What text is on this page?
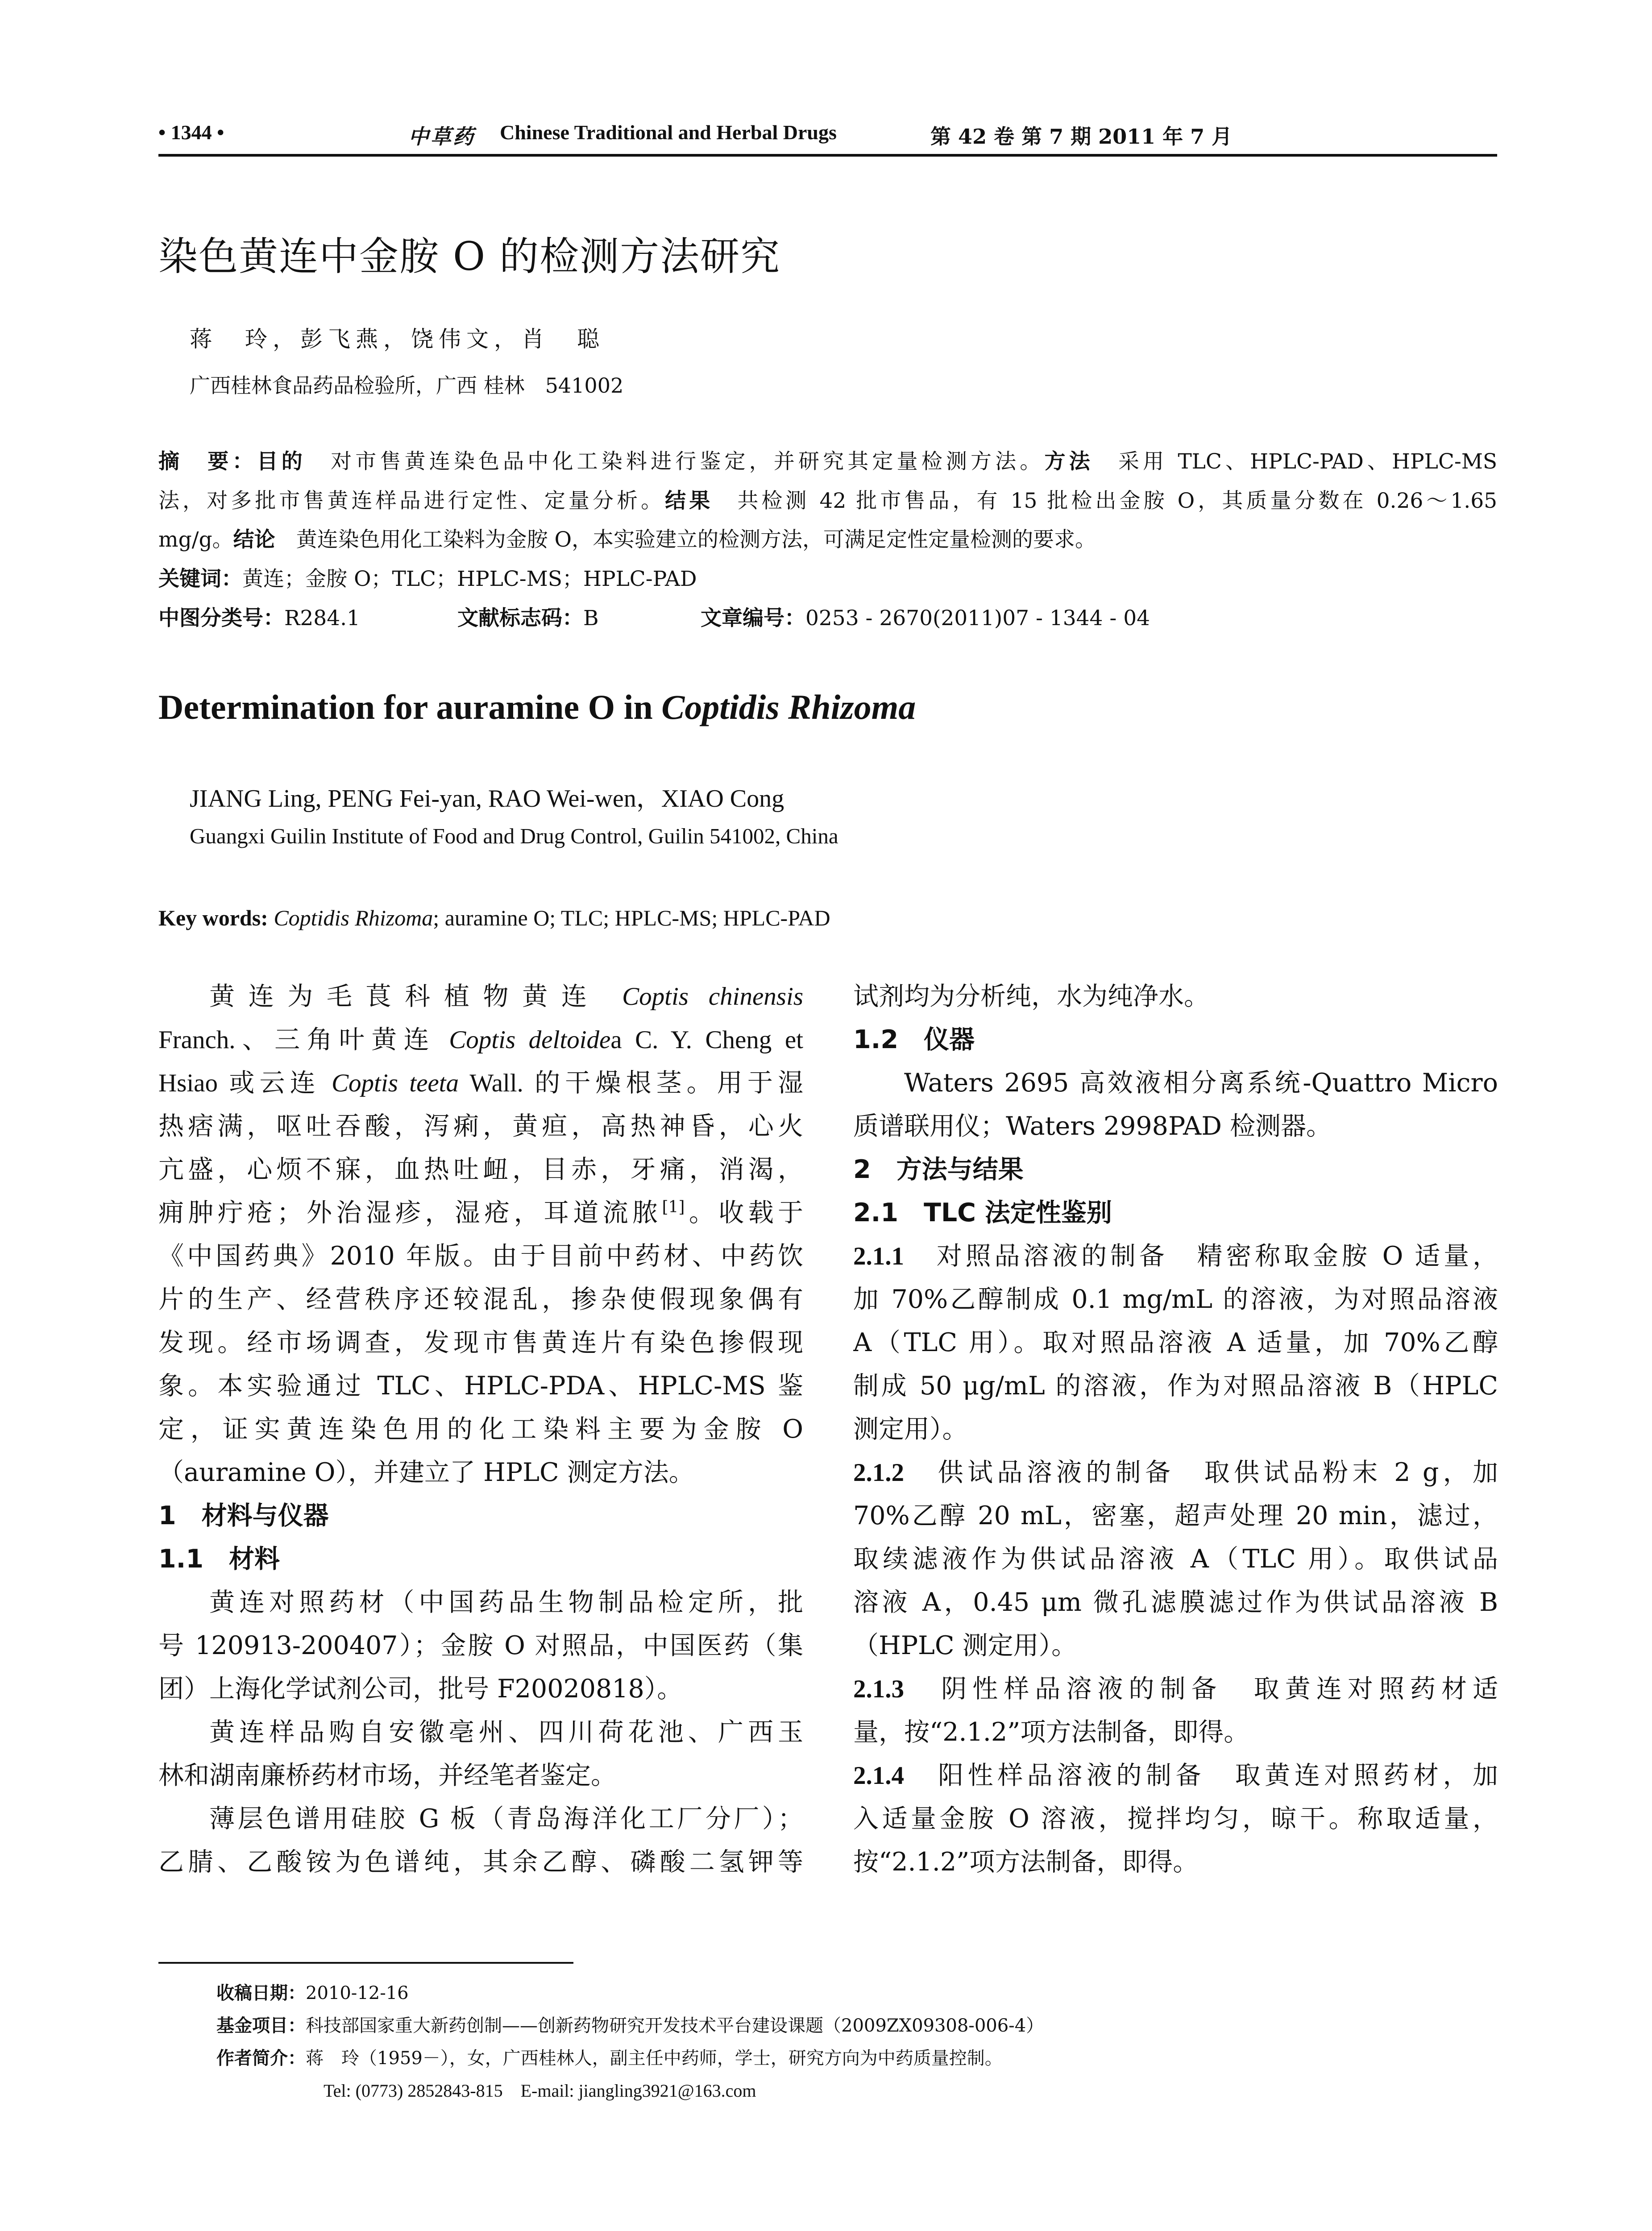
• 1344 •	中草药 Chinese Traditional and Herbal Drugs	第 42 卷 第 7 期 2011 年 7 月
染色黄连中金胺 O 的检测方法研究
蒋　玲，彭飞燕，饶伟文，肖　聪
广西桂林食品药品检验所，广西 桂林　541002
摘　要：目的　 对市售黄连染色品中化工染料进行鉴定，并研究其定量检测方法。方法　 采用 TLC、HPLC-PAD、HPLC-MS
法，对多批市售黄连样品进行定性、定量分析。结果　 共检测 42 批市售品，有 15 批检出金胺 O，其质量分数在 0.26～1.65
mg/g。结论　 黄连染色用化工染料为金胺 O，本实验建立的检测方法，可满足定性定量检测的要求。
关键词：黄连；金胺 O；TLC；HPLC-MS；HPLC-PAD
中图分类号：R284.1	文献标志码：B	文章编号：0253 - 2670(2011)07 - 1344 - 04
Determination for auramine O in Coptidis Rhizoma
JIANG Ling, PENG Fei-yan, RAO Wei-wen，XIAO Cong
Guangxi Guilin Institute of Food and Drug Control, Guilin 541002, China
Key words: Coptidis Rhizoma; auramine O; TLC; HPLC-MS; HPLC-PAD
黄连为毛茛科植物黄连 Coptis chinensis
Franch.、三角叶黄连 Coptis deltoidea C. Y. Cheng et
Hsiao 或云连 Coptis teeta Wall. 的干燥根茎。用于湿
热痞满，呕吐吞酸，泻痢，黄疸，高热神昏，心火
亢盛，心烦不寐，血热吐衄，目赤，牙痛，消渴，
痈肿疔疮；外治湿疹，湿疮，耳道流脓[1]。收载于
《中国药典》2010 年版。由于目前中药材、中药饮
片的生产、经营秩序还较混乱，掺杂使假现象偶有
发现。经市场调查，发现市售黄连片有染色掺假现
象。本实验通过 TLC、HPLC-PDA、HPLC-MS 鉴
定，证实黄连染色用的化工染料主要为金胺 O
（auramine O），并建立了 HPLC 测定方法。
1　材料与仪器
1.1　材料
黄连对照药材（中国药品生物制品检定所，批
号 120913-200407）；金胺 O 对照品，中国医药（集
团）上海化学试剂公司，批号 F20020818）。
黄连样品购自安徽亳州、四川荷花池、广西玉
林和湖南廉桥药材市场，并经笔者鉴定。
薄层色谱用硅胶 G 板（青岛海洋化工厂分厂）；
乙腈、乙酸铵为色谱纯，其余乙醇、磷酸二氢钾等
试剂均为分析纯，水为纯净水。
1.2　仪器
Waters 2695 高效液相分离系统-Quattro Micro
质谱联用仪；Waters 2998PAD 检测器。
2　方法与结果
2.1　TLC 法定性鉴别
2.1.1　 对照品溶液的制备　精密称取金胺 O 适量，
加 70%乙醇制成 0.1 mg/mL 的溶液，为对照品溶液
A（TLC 用）。取对照品溶液 A 适量，加 70%乙醇
制成 50 μg/mL 的溶液，作为对照品溶液 B（HPLC
测定用）。
2.1.2　 供试品溶液的制备　取供试品粉末 2 g，加
70%乙醇 20 mL，密塞，超声处理 20 min，滤过，
取续滤液作为供试品溶液 A（TLC 用）。取供试品
溶液 A，0.45 μm 微孔滤膜滤过作为供试品溶液 B
（HPLC 测定用）。
2.1.3　 阴性样品溶液的制备　取黄连对照药材适
量，按“2.1.2”项方法制备，即得。
2.1.4　 阳性样品溶液的制备　取黄连对照药材，加
入适量金胺 O 溶液，搅拌均匀，晾干。称取适量，
按“2.1.2”项方法制备，即得。
收稿日期：2010-12-16
基金项目：科技部国家重大新药创制——创新药物研究开发技术平台建设课题（2009ZX09308-006-4）
作者简介：蒋　玲（1959－），女，广西桂林人，副主任中药师，学士，研究方向为中药质量控制。
Tel: (0773) 2852843-815　E-mail: jiangling3921@163.com
